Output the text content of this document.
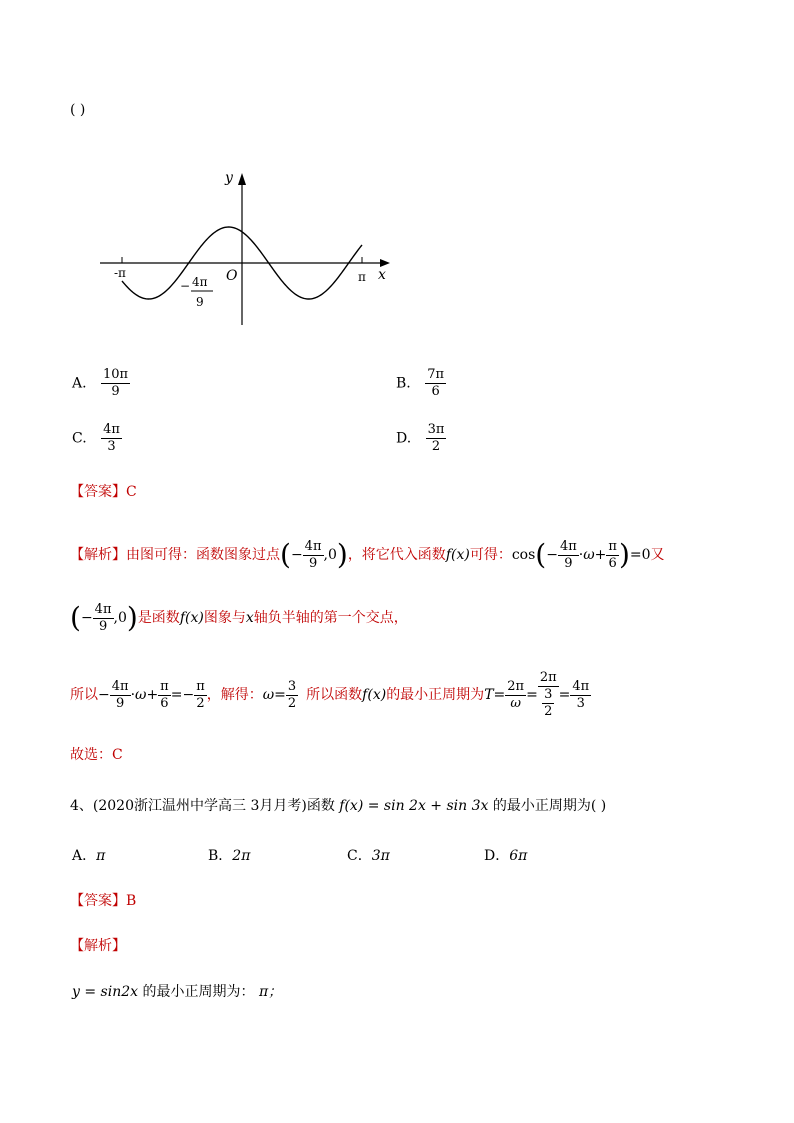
( )
y
x
O
-π	π
− 4π
9
A. $\frac{10\pi}{9}$	B. $\frac{7\pi}{6}$
C. $\frac{4\pi}{3}$	D. $\frac{3\pi}{2}$
【答案】C
【解析】 由图可得：函数图象过点 ( − $\frac{4\pi}{9}$ , 0 ) ，将它代入函数 f(x) 可得： cos ( − $\frac{4\pi}{9} \cdot \omega + \frac{\pi}{6}$ ) = 0 又
( − $\frac{4\pi}{9}$ , 0 ) 是函数 f(x) 图象与 x 轴负半轴的第一个交点，
所以 − $\frac{4\pi}{9} \cdot \omega + \frac{\pi}{6}$ = − $\frac{\pi}{2}$ ，解得： $\omega = \frac{3}{2}$ 所以函数 f(x) 的最小正周期为 $T = \frac{2\pi}{\omega} = \frac{2\pi}{\frac{3}{2}} = \frac{4\pi}{3}$
故选：C
4、(2020浙江温州中学高三 3月月考)函数 f(x) = sin 2x + sin 3x 的最小正周期为( )
A．π	B．2π	C．3π	D．6π
【答案】B
【解析】
y = sin2x 的最小正周期为： π；
